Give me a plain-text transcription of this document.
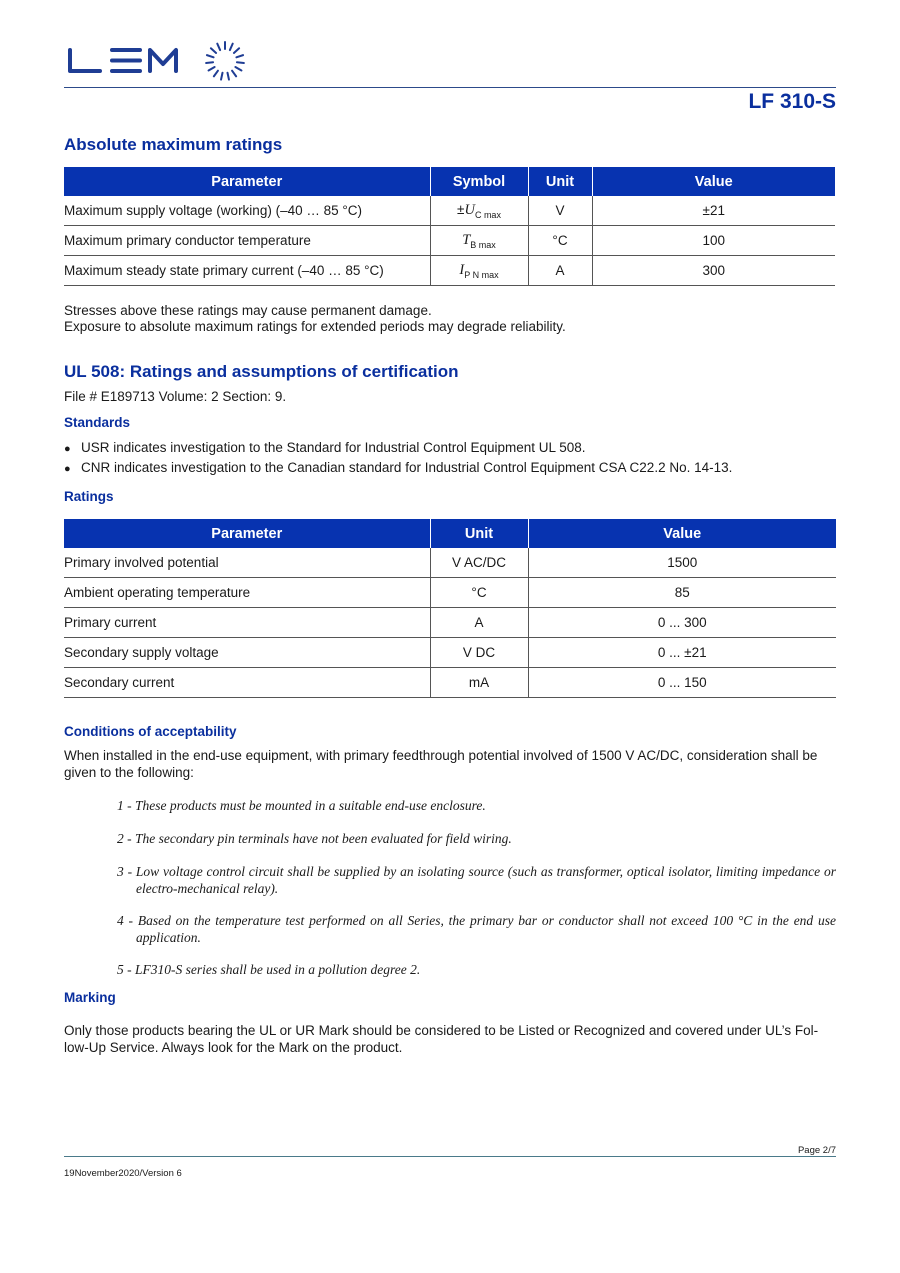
LF 310-S
Absolute maximum ratings
Parameter	Symbol	Unit	Value
Maximum supply voltage (working) (–40 … 85 °C)	$\pm U_{C max}$	V	±21
Maximum primary conductor temperature	$T_{B max}$	°C	100
Maximum steady state primary current (–40 … 85 °C)	$I_{P N max}$	A	300
Stresses above these ratings may cause permanent damage.
Exposure to absolute maximum ratings for extended periods may degrade reliability.
UL 508: Ratings and assumptions of certification
File # E189713 Volume: 2 Section: 9.
Standards
● USR indicates investigation to the Standard for Industrial Control Equipment UL 508.
● CNR indicates investigation to the Canadian standard for Industrial Control Equipment CSA C22.2 No. 14-13.
Ratings
Parameter	Unit	Value
Primary involved potential	V AC/DC	1500
Ambient operating temperature	°C	85
Primary current	A	0 ... 300
Secondary supply voltage	V DC	0 ... ±21
Secondary current	mA	0 ... 150
Conditions of acceptability
When installed in the end-use equipment, with primary feedthrough potential involved of 1500 V AC/DC, consideration shall be given to the following:
1 - These products must be mounted in a suitable end-use enclosure.
2 - The secondary pin terminals have not been evaluated for field wiring.
3 - Low voltage control circuit shall be supplied by an isolating source (such as transformer, optical isolator, limiting impedance or
electro-mechanical relay).
4 - Based on the temperature test performed on all Series, the primary bar or conductor shall not exceed 100 °C in the end use
application.
5 - LF310-S series shall be used in a pollution degree 2.
Marking
Only those products bearing the UL or UR Mark should be considered to be Listed or Recognized and covered under UL’s Fol-
low-Up Service. Always look for the Mark on the product.
Page 2/7
19November2020/Version 6
